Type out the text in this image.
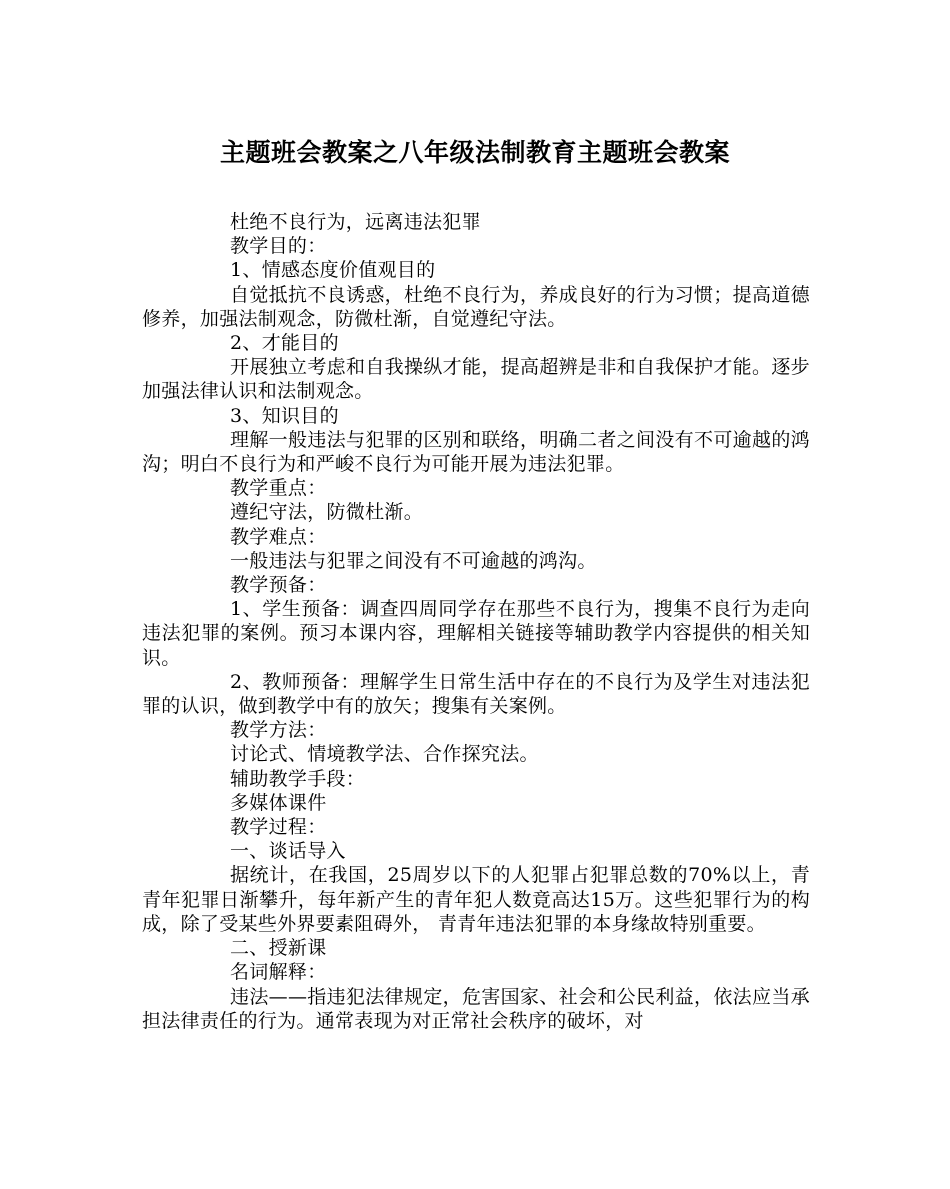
主题班会教案之八年级法制教育主题班会教案

杜绝不良行为，远离违法犯罪

教学目的：

1、情感态度价值观目的

自觉抵抗不良诱惑，杜绝不良行为，养成良好的行为习惯；提高道德修养，加强法制观念，防微杜渐，自觉遵纪守法。

2、才能目的

开展独立考虑和自我操纵才能，提高超辨是非和自我保护才能。逐步加强法律认识和法制观念。

3、知识目的

理解一般违法与犯罪的区别和联络，明确二者之间没有不可逾越的鸿沟；明白不良行为和严峻不良行为可能开展为违法犯罪。

教学重点：

遵纪守法，防微杜渐。

教学难点：

一般违法与犯罪之间没有不可逾越的鸿沟。

教学预备：

1、学生预备：调查四周同学存在那些不良行为，搜集不良行为走向违法犯罪的案例。预习本课内容，理解相关链接等辅助教学内容提供的相关知识。

2、教师预备：理解学生日常生活中存在的不良行为及学生对违法犯罪的认识，做到教学中有的放矢；搜集有关案例。

教学方法：

讨论式、情境教学法、合作探究法。

辅助教学手段：

多媒体课件

教学过程：

一、谈话导入

据统计，在我国，25周岁以下的人犯罪占犯罪总数的70%以上，青青年犯罪日渐攀升，每年新产生的青年犯人数竟高达15万。这些犯罪行为的构成，除了受某些外界要素阻碍外， 青青年违法犯罪的本身缘故特别重要。

二、授新课

名词解释：

违法——指违犯法律规定，危害国家、社会和公民利益，依法应当承担法律责任的行为。通常表现为对正常社会秩序的破坏，对
